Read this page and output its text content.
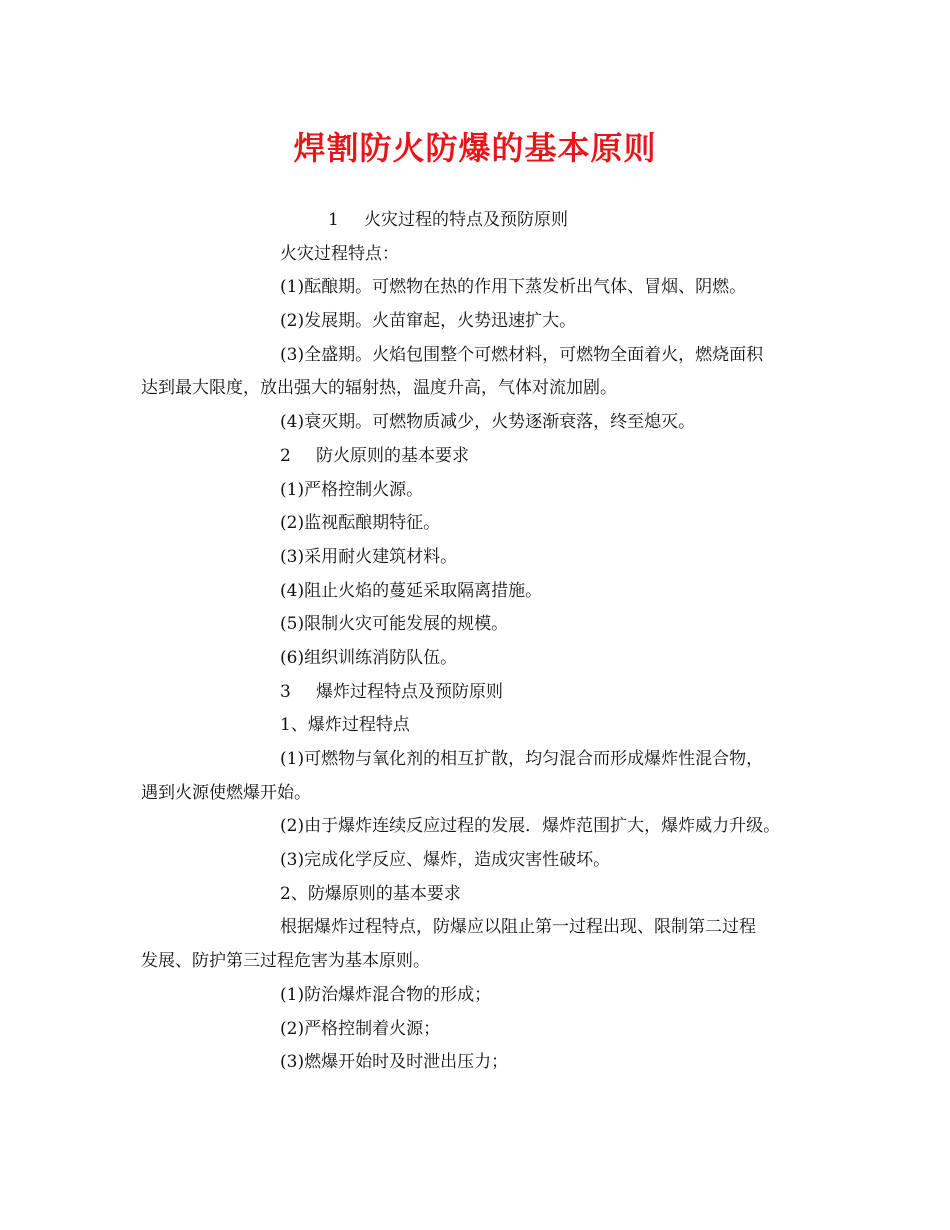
焊割防火防爆的基本原则
1 火灾过程的特点及预防原则
火灾过程特点：
(1)酝酿期。可燃物在热的作用下蒸发析出气体、冒烟、阴燃。
(2)发展期。火苗窜起，火势迅速扩大。
(3)全盛期。火焰包围整个可燃材料，可燃物全面着火，燃烧面积
达到最大限度，放出强大的辐射热，温度升高，气体对流加剧。
(4)衰灭期。可燃物质减少，火势逐渐衰落，终至熄灭。
2 防火原则的基本要求
(1)严格控制火源。
(2)监视酝酿期特征。
(3)采用耐火建筑材料。
(4)阻止火焰的蔓延采取隔离措施。
(5)限制火灾可能发展的规模。
(6)组织训练消防队伍。
3 爆炸过程特点及预防原则
1、爆炸过程特点
(1)可燃物与氧化剂的相互扩散，均匀混合而形成爆炸性混合物，
遇到火源使燃爆开始。
(2)由于爆炸连续反应过程的发展．爆炸范围扩大，爆炸威力升级。
(3)完成化学反应、爆炸，造成灾害性破坏。
2、防爆原则的基本要求
根据爆炸过程特点，防爆应以阻止第一过程出现、限制第二过程
发展、防护第三过程危害为基本原则。
(1)防治爆炸混合物的形成；
(2)严格控制着火源；
(3)燃爆开始时及时泄出压力；
